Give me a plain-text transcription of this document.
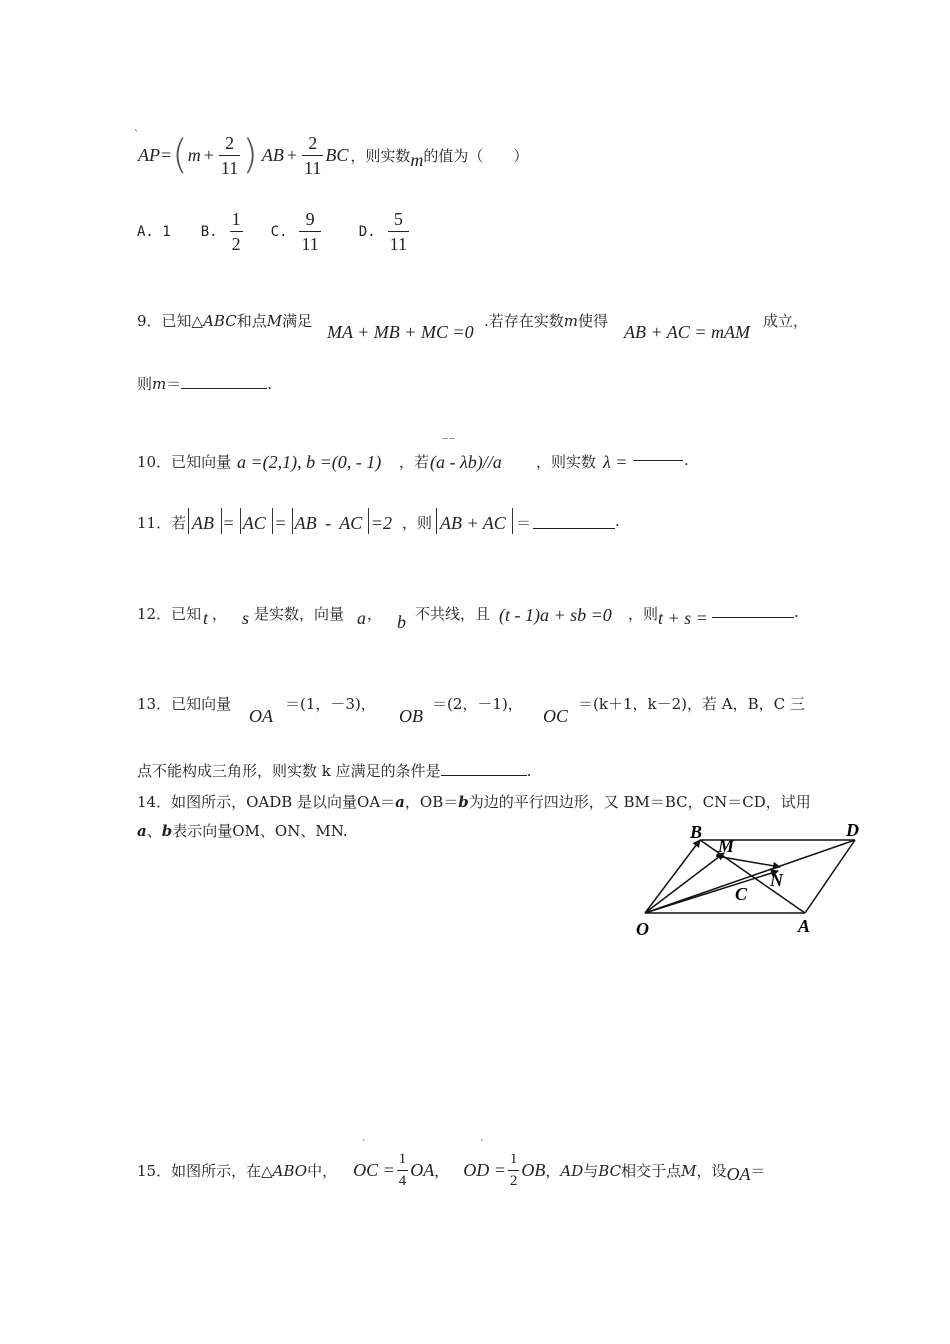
ˋ
AP= ( $m + \frac{2}{11}$ ) AB + $\frac{2}{11}$ BC ，则实数 m 的值为（　　）
A. 1 B. $\frac{1}{2} C$. $\frac{9}{11}$	D. $\frac{5}{11}$
9．已知△ABC和点M满足
MA + MB + MC =0
.若存在实数m使得
AB + AC = mAM
成立，
则m＝	.
10．已知向量 a =(2,1), b =(0, - 1) ，若
‾‾
(a - λb)//a ，则实数 λ =	.
11．若 AB = AC = AB - AC =2 ，则 AB + AC ＝	.
12．已知 t ， s 是实数，向量 a ， b 不共线，且 (t - 1)a + sb =0 ，则 t + s =	.
13．已知向量
OA
＝(1，－3)，
OB
＝(2，－1)，
OC
＝(k＋1，k－2)，若 A，B，C 三
点不能构成三角形，则实数 k 应满足的条件是	.
14．如图所示，OADB 是以向量OA＝a，OB＝b为边的平行四边形，又 BM＝BC，CN＝CD，试用
a、b表示向量OM、ON、MN.	B
M
D
C
N
O	A
ˋ	ˋ
15．如图所示，在△ ABO 中， OC = $\frac{1}{4}$ OA ， OD = $\frac{1}{2}$ OB ， AD 与 BC 相交于点 M ，设 OA ＝
